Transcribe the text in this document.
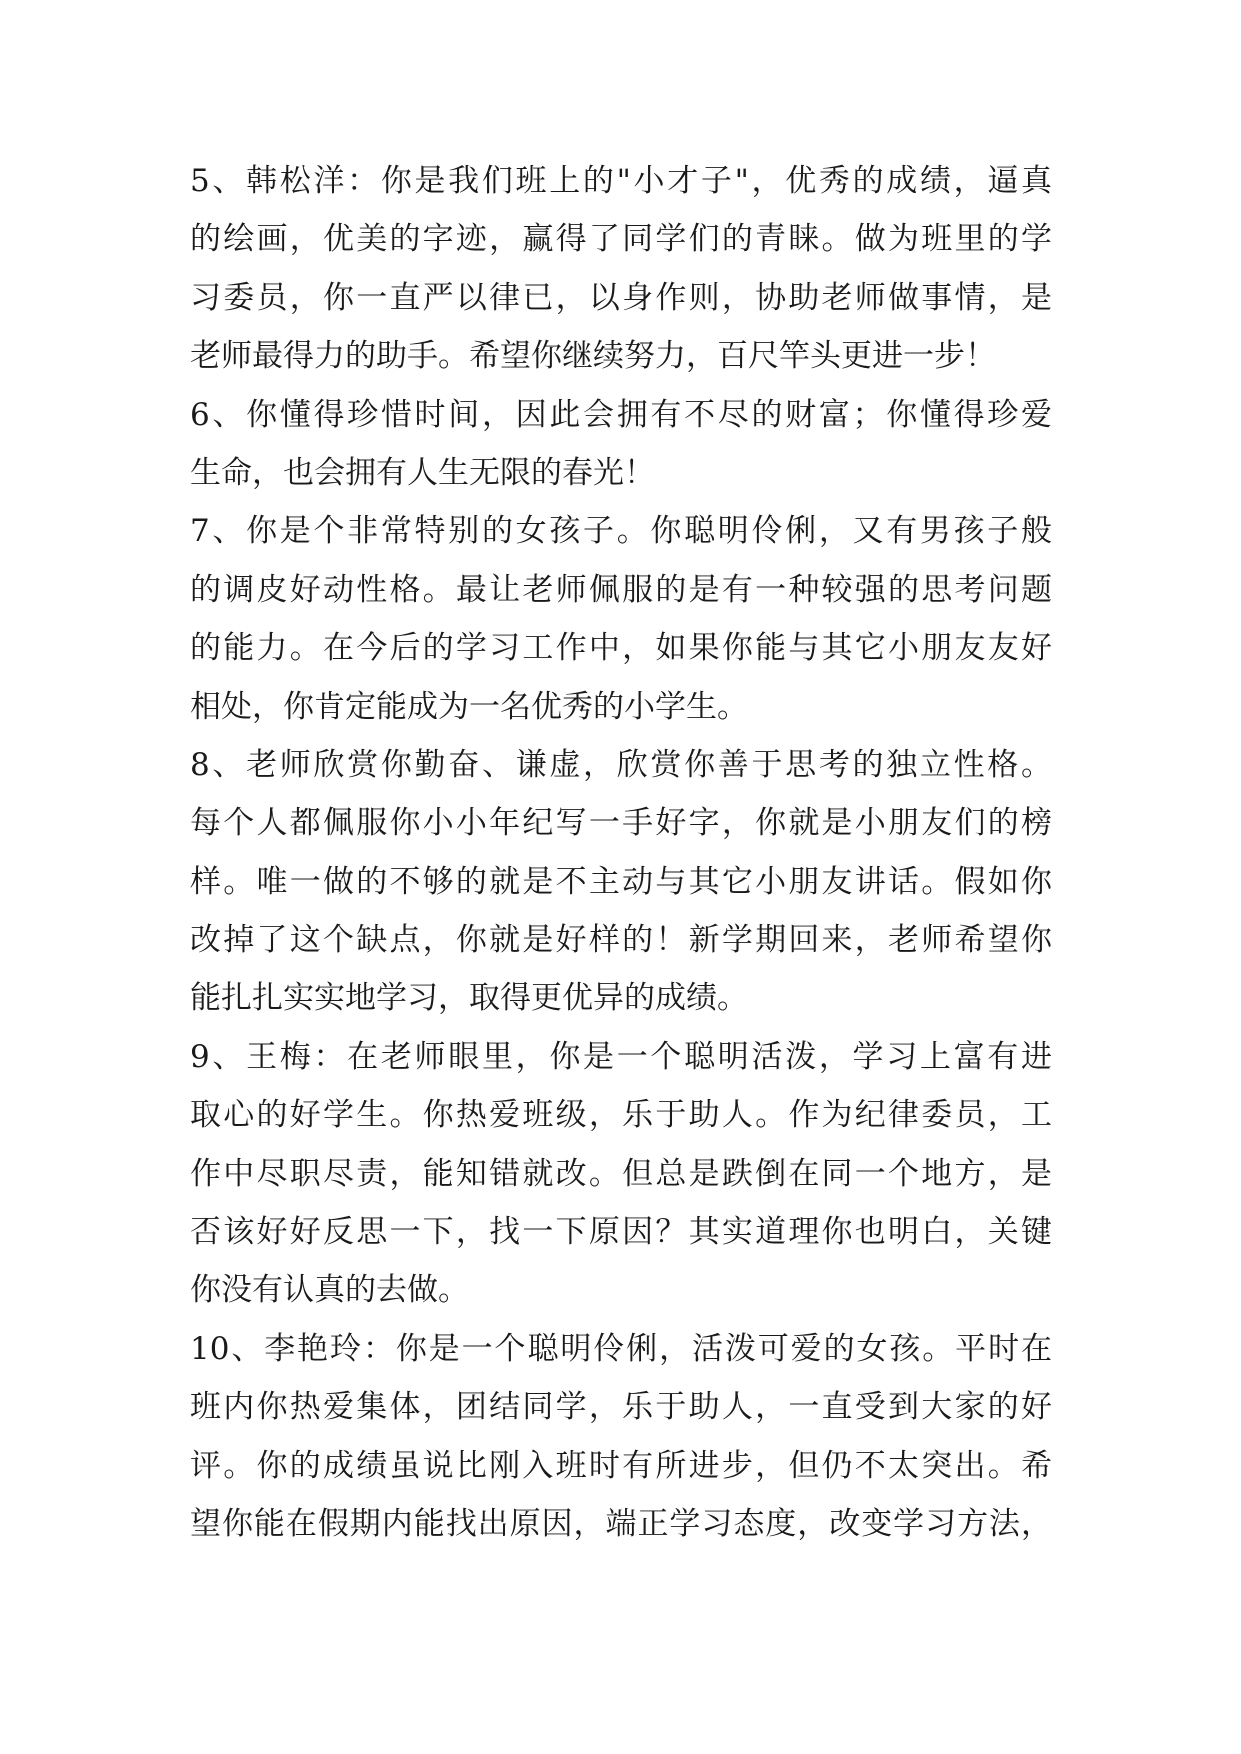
5、韩松洋：你是我们班上的"小才子"，优秀的成绩，逼真
的绘画，优美的字迹，赢得了同学们的青睐。做为班里的学
习委员，你一直严以律已，以身作则，协助老师做事情，是
老师最得力的助手。希望你继续努力，百尺竿头更进一步！
6、你懂得珍惜时间，因此会拥有不尽的财富；你懂得珍爱
生命，也会拥有人生无限的春光！
7、你是个非常特别的女孩子。你聪明伶俐，又有男孩子般
的调皮好动性格。最让老师佩服的是有一种较强的思考问题
的能力。在今后的学习工作中，如果你能与其它小朋友友好
相处，你肯定能成为一名优秀的小学生。
8、老师欣赏你勤奋、谦虚，欣赏你善于思考的独立性格。
每个人都佩服你小小年纪写一手好字，你就是小朋友们的榜
样。唯一做的不够的就是不主动与其它小朋友讲话。假如你
改掉了这个缺点，你就是好样的！新学期回来，老师希望你
能扎扎实实地学习，取得更优异的成绩。
9、王梅：在老师眼里，你是一个聪明活泼，学习上富有进
取心的好学生。你热爱班级，乐于助人。作为纪律委员，工
作中尽职尽责，能知错就改。但总是跌倒在同一个地方，是
否该好好反思一下，找一下原因？其实道理你也明白，关键
你没有认真的去做。
10、李艳玲：你是一个聪明伶俐，活泼可爱的女孩。平时在
班内你热爱集体，团结同学，乐于助人，一直受到大家的好
评。你的成绩虽说比刚入班时有所进步，但仍不太突出。希
望你能在假期内能找出原因，端正学习态度，改变学习方法，
